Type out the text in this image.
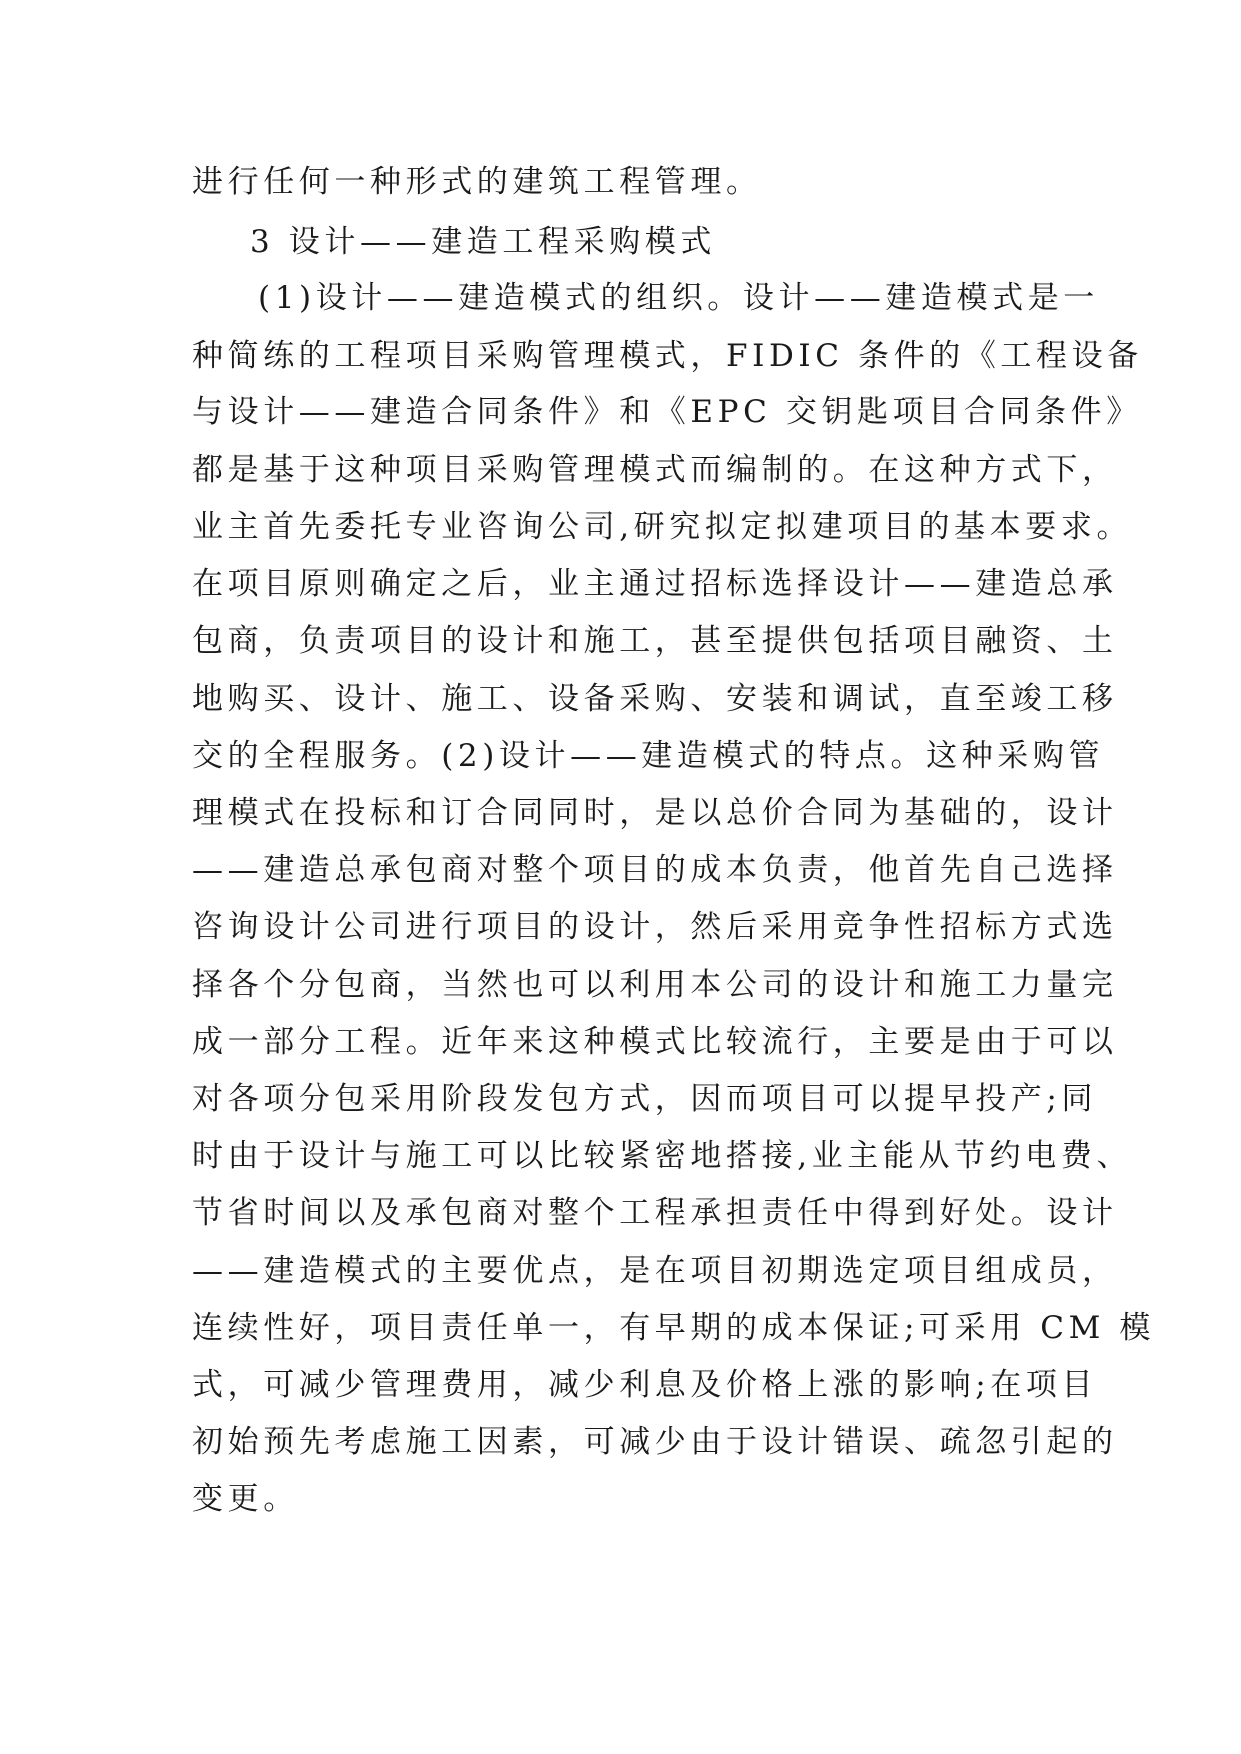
进行任何一种形式的建筑工程管理。
3 设计——建造工程采购模式
(1)设计——建造模式的组织。设计——建造模式是一
种简练的工程项目采购管理模式，FIDIC 条件的《工程设备
与设计——建造合同条件》和《EPC 交钥匙项目合同条件》
都是基于这种项目采购管理模式而编制的。在这种方式下，
业主首先委托专业咨询公司,研究拟定拟建项目的基本要求。
在项目原则确定之后，业主通过招标选择设计——建造总承
包商，负责项目的设计和施工，甚至提供包括项目融资、土
地购买、设计、施工、设备采购、安装和调试，直至竣工移
交的全程服务。(2)设计——建造模式的特点。这种采购管
理模式在投标和订合同同时，是以总价合同为基础的，设计
——建造总承包商对整个项目的成本负责，他首先自己选择
咨询设计公司进行项目的设计，然后采用竞争性招标方式选
择各个分包商，当然也可以利用本公司的设计和施工力量完
成一部分工程。近年来这种模式比较流行，主要是由于可以
对各项分包采用阶段发包方式，因而项目可以提早投产;同
时由于设计与施工可以比较紧密地搭接,业主能从节约电费、
节省时间以及承包商对整个工程承担责任中得到好处。设计
——建造模式的主要优点，是在项目初期选定项目组成员，
连续性好，项目责任单一，有早期的成本保证;可采用 CM 模
式，可减少管理费用，减少利息及价格上涨的影响;在项目
初始预先考虑施工因素，可减少由于设计错误、疏忽引起的
变更。
